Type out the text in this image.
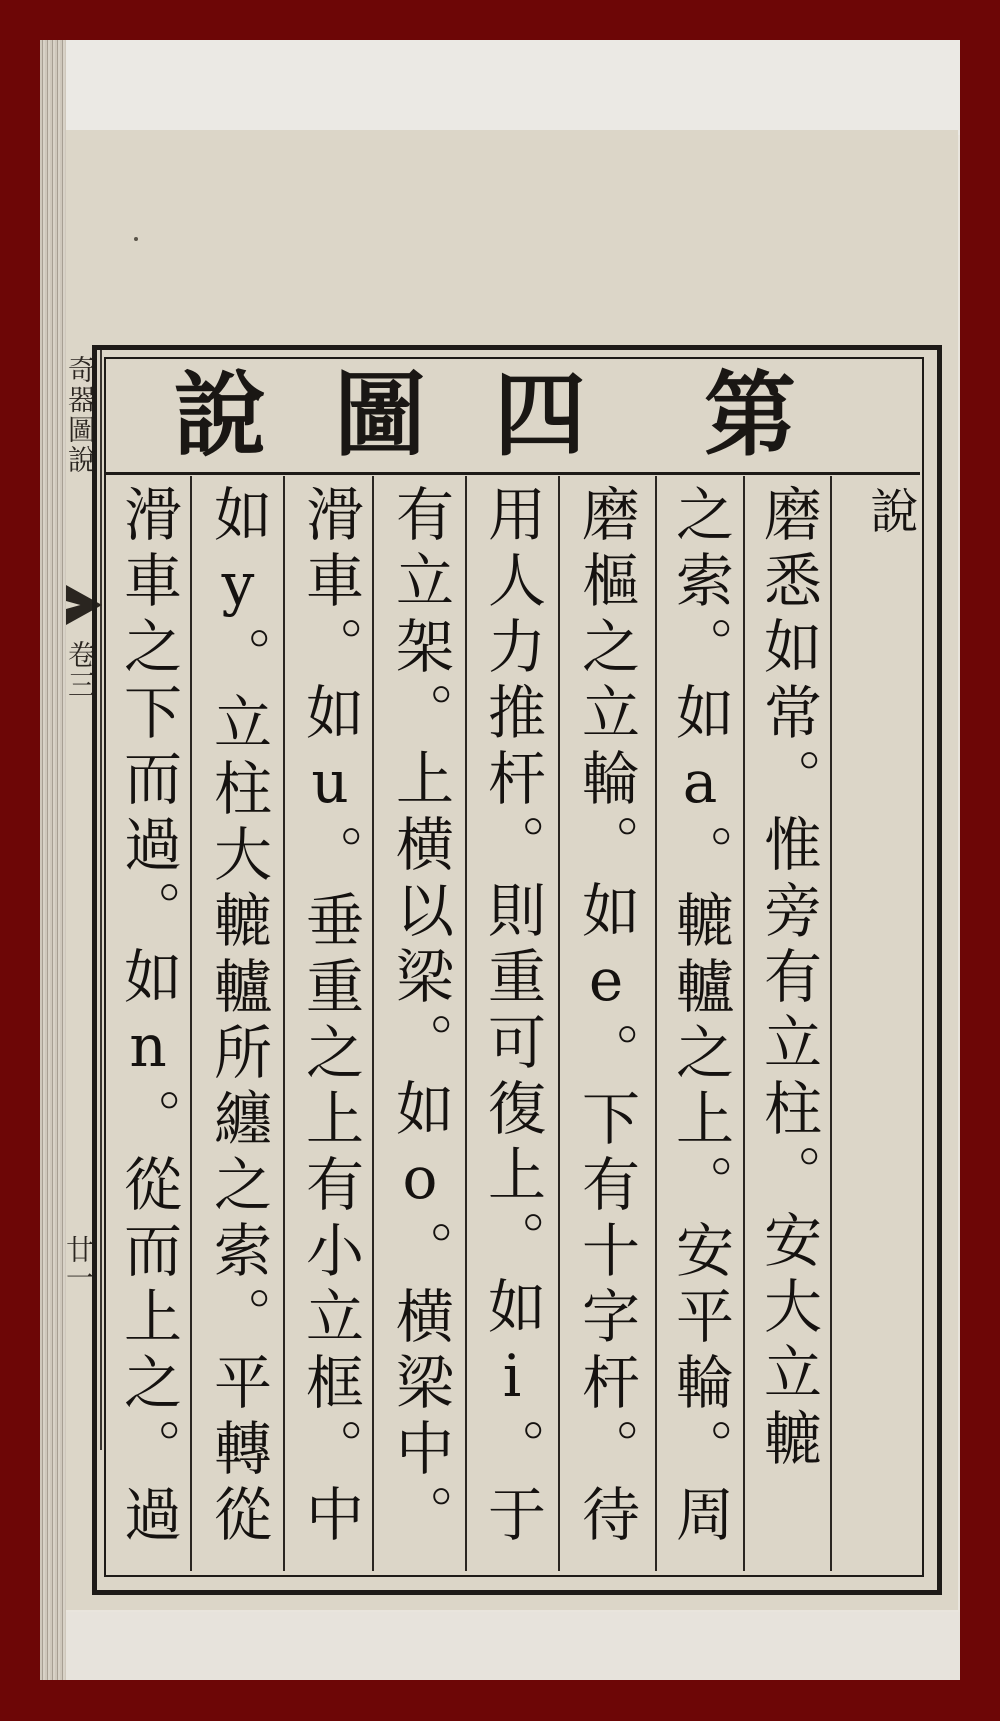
奇器圖說
卷三
廿一
第
四
圖
說
說
磨悉如常。惟旁有立柱。安大立轆
之索。如a。轆轤之上。安平輪。周
磨樞之立輪。如e。下有十字杆。待
用人力推杆。則重可復上。如i。于
有立架。上横以梁。如o。横梁中。
滑車。如u。垂重之上有小立框。中
如y。立柱大轆轤所纏之索。平轉從
滑車之下而過。如n。從而上之。過
